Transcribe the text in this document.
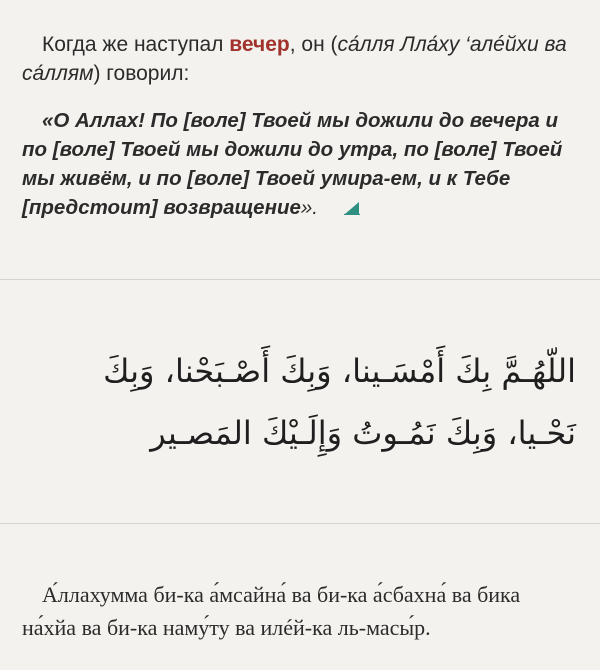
Когда же наступал вечер, он (са́лля Лла́ху ‘алéйхи ва са́ллям) говорил:

«О Аллах! По [воле] Твоей мы дожили до вечера и по [воле] Твоей мы дожили до утра, по [воле] Твоей мы живём, и по [воле] Твоей умира-ем, и к Тебе [предстоит] возвращение».

اللّهُـمَّ بِكَ أَمْسَـينا، وَبِكَ أَصْـبَحْنا، وَبِكَ نَحْـيا، وَبِكَ نَمُـوتُ وَإِلَـيْكَ المَصـير

А́ллахумма би-ка а́мсайна́ ва би-ка а́сбахна́ ва бика на́хйа ва би-ка наму́ту ва илéй-ка ль-масы́р.
